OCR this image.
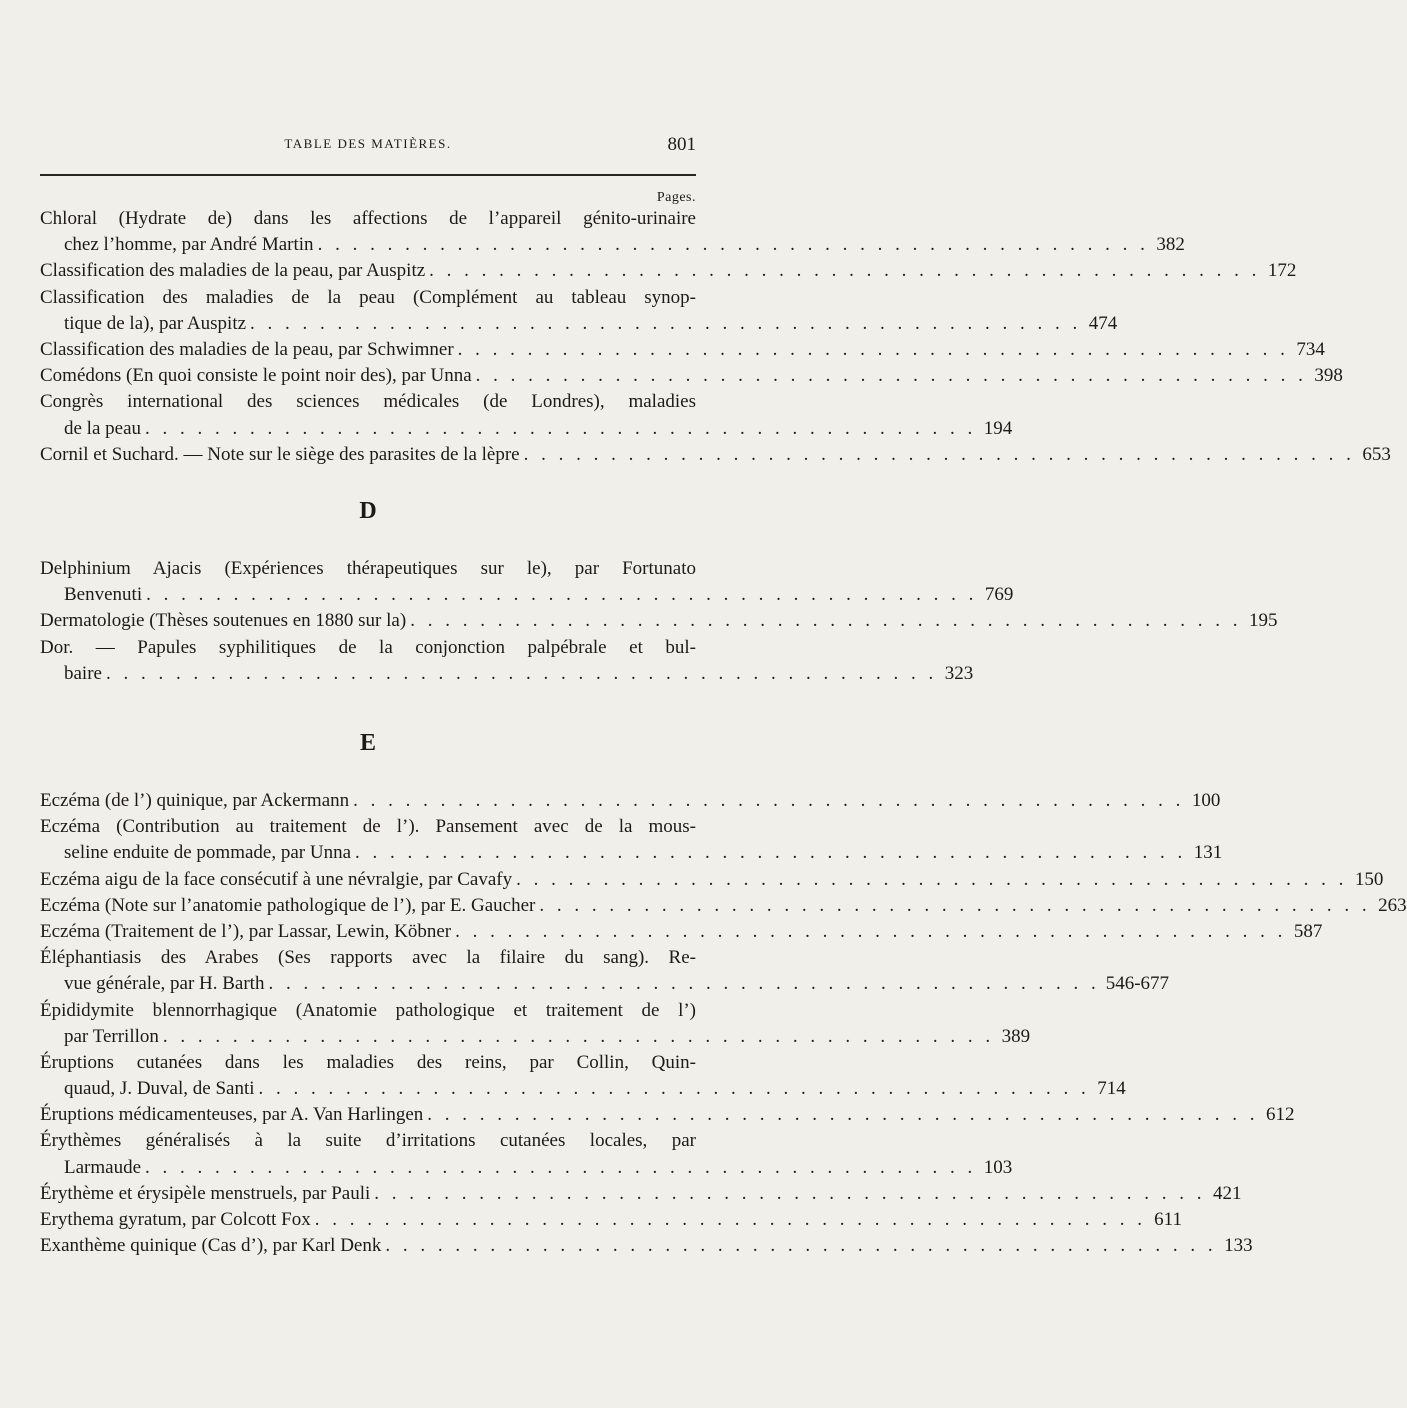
TABLE DES MATIÈRES.	801
Pages.
Chloral (Hydrate de) dans les affections de l’appareil génito-urinaire
chez l’homme, par André Martin . . . . . . . . . . . . . . . . . . . . . . . . . . . . . . . . . . . . . . . . . . . . . . . . 382
Classification des maladies de la peau, par Auspitz . . . . . . . . . . . . . . . . . . . . . . . . . . . . . . . . . . . . . . . . . . . . . . . . 172
Classification des maladies de la peau (Complément au tableau synop-
tique de la), par Auspitz . . . . . . . . . . . . . . . . . . . . . . . . . . . . . . . . . . . . . . . . . . . . . . . . 474
Classification des maladies de la peau, par Schwimner . . . . . . . . . . . . . . . . . . . . . . . . . . . . . . . . . . . . . . . . . . . . . . . . 734
Comédons (En quoi consiste le point noir des), par Unna . . . . . . . . . . . . . . . . . . . . . . . . . . . . . . . . . . . . . . . . . . . . . . . . 398
Congrès international des sciences médicales (de Londres), maladies
de la peau . . . . . . . . . . . . . . . . . . . . . . . . . . . . . . . . . . . . . . . . . . . . . . . . 194
Cornil et Suchard. — Note sur le siège des parasites de la lèpre . . . . . . . . . . . . . . . . . . . . . . . . . . . . . . . . . . . . . . . . . . . . . . . . 653
D
Delphinium Ajacis (Expériences thérapeutiques sur le), par Fortunato
Benvenuti . . . . . . . . . . . . . . . . . . . . . . . . . . . . . . . . . . . . . . . . . . . . . . . . 769
Dermatologie (Thèses soutenues en 1880 sur la) . . . . . . . . . . . . . . . . . . . . . . . . . . . . . . . . . . . . . . . . . . . . . . . . 195
Dor. — Papules syphilitiques de la conjonction palpébrale et bul-
baire . . . . . . . . . . . . . . . . . . . . . . . . . . . . . . . . . . . . . . . . . . . . . . . . 323
E
Eczéma (de l’) quinique, par Ackermann . . . . . . . . . . . . . . . . . . . . . . . . . . . . . . . . . . . . . . . . . . . . . . . . 100
Eczéma (Contribution au traitement de l’). Pansement avec de la mous-
seline enduite de pommade, par Unna . . . . . . . . . . . . . . . . . . . . . . . . . . . . . . . . . . . . . . . . . . . . . . . . 131
Eczéma aigu de la face consécutif à une névralgie, par Cavafy . . . . . . . . . . . . . . . . . . . . . . . . . . . . . . . . . . . . . . . . . . . . . . . . 150
Eczéma (Note sur l’anatomie pathologique de l’), par E. Gaucher . . . . . . . . . . . . . . . . . . . . . . . . . . . . . . . . . . . . . . . . . . . . . . . . 263
Eczéma (Traitement de l’), par Lassar, Lewin, Köbner . . . . . . . . . . . . . . . . . . . . . . . . . . . . . . . . . . . . . . . . . . . . . . . . 587
Éléphantiasis des Arabes (Ses rapports avec la filaire du sang). Re-
vue générale, par H. Barth . . . . . . . . . . . . . . . . . . . . . . . . . . . . . . . . . . . . . . . . . . . . . . . . 546-677
Épididymite blennorrhagique (Anatomie pathologique et traitement de l’)
par Terrillon . . . . . . . . . . . . . . . . . . . . . . . . . . . . . . . . . . . . . . . . . . . . . . . . 389
Éruptions cutanées dans les maladies des reins, par Collin, Quin-
quaud, J. Duval, de Santi . . . . . . . . . . . . . . . . . . . . . . . . . . . . . . . . . . . . . . . . . . . . . . . . 714
Éruptions médicamenteuses, par A. Van Harlingen . . . . . . . . . . . . . . . . . . . . . . . . . . . . . . . . . . . . . . . . . . . . . . . . 612
Érythèmes généralisés à la suite d’irritations cutanées locales, par
Larmaude . . . . . . . . . . . . . . . . . . . . . . . . . . . . . . . . . . . . . . . . . . . . . . . . 103
Érythème et érysipèle menstruels, par Pauli . . . . . . . . . . . . . . . . . . . . . . . . . . . . . . . . . . . . . . . . . . . . . . . . 421
Erythema gyratum, par Colcott Fox . . . . . . . . . . . . . . . . . . . . . . . . . . . . . . . . . . . . . . . . . . . . . . . . 611
Exanthème quinique (Cas d’), par Karl Denk . . . . . . . . . . . . . . . . . . . . . . . . . . . . . . . . . . . . . . . . . . . . . . . . 133
